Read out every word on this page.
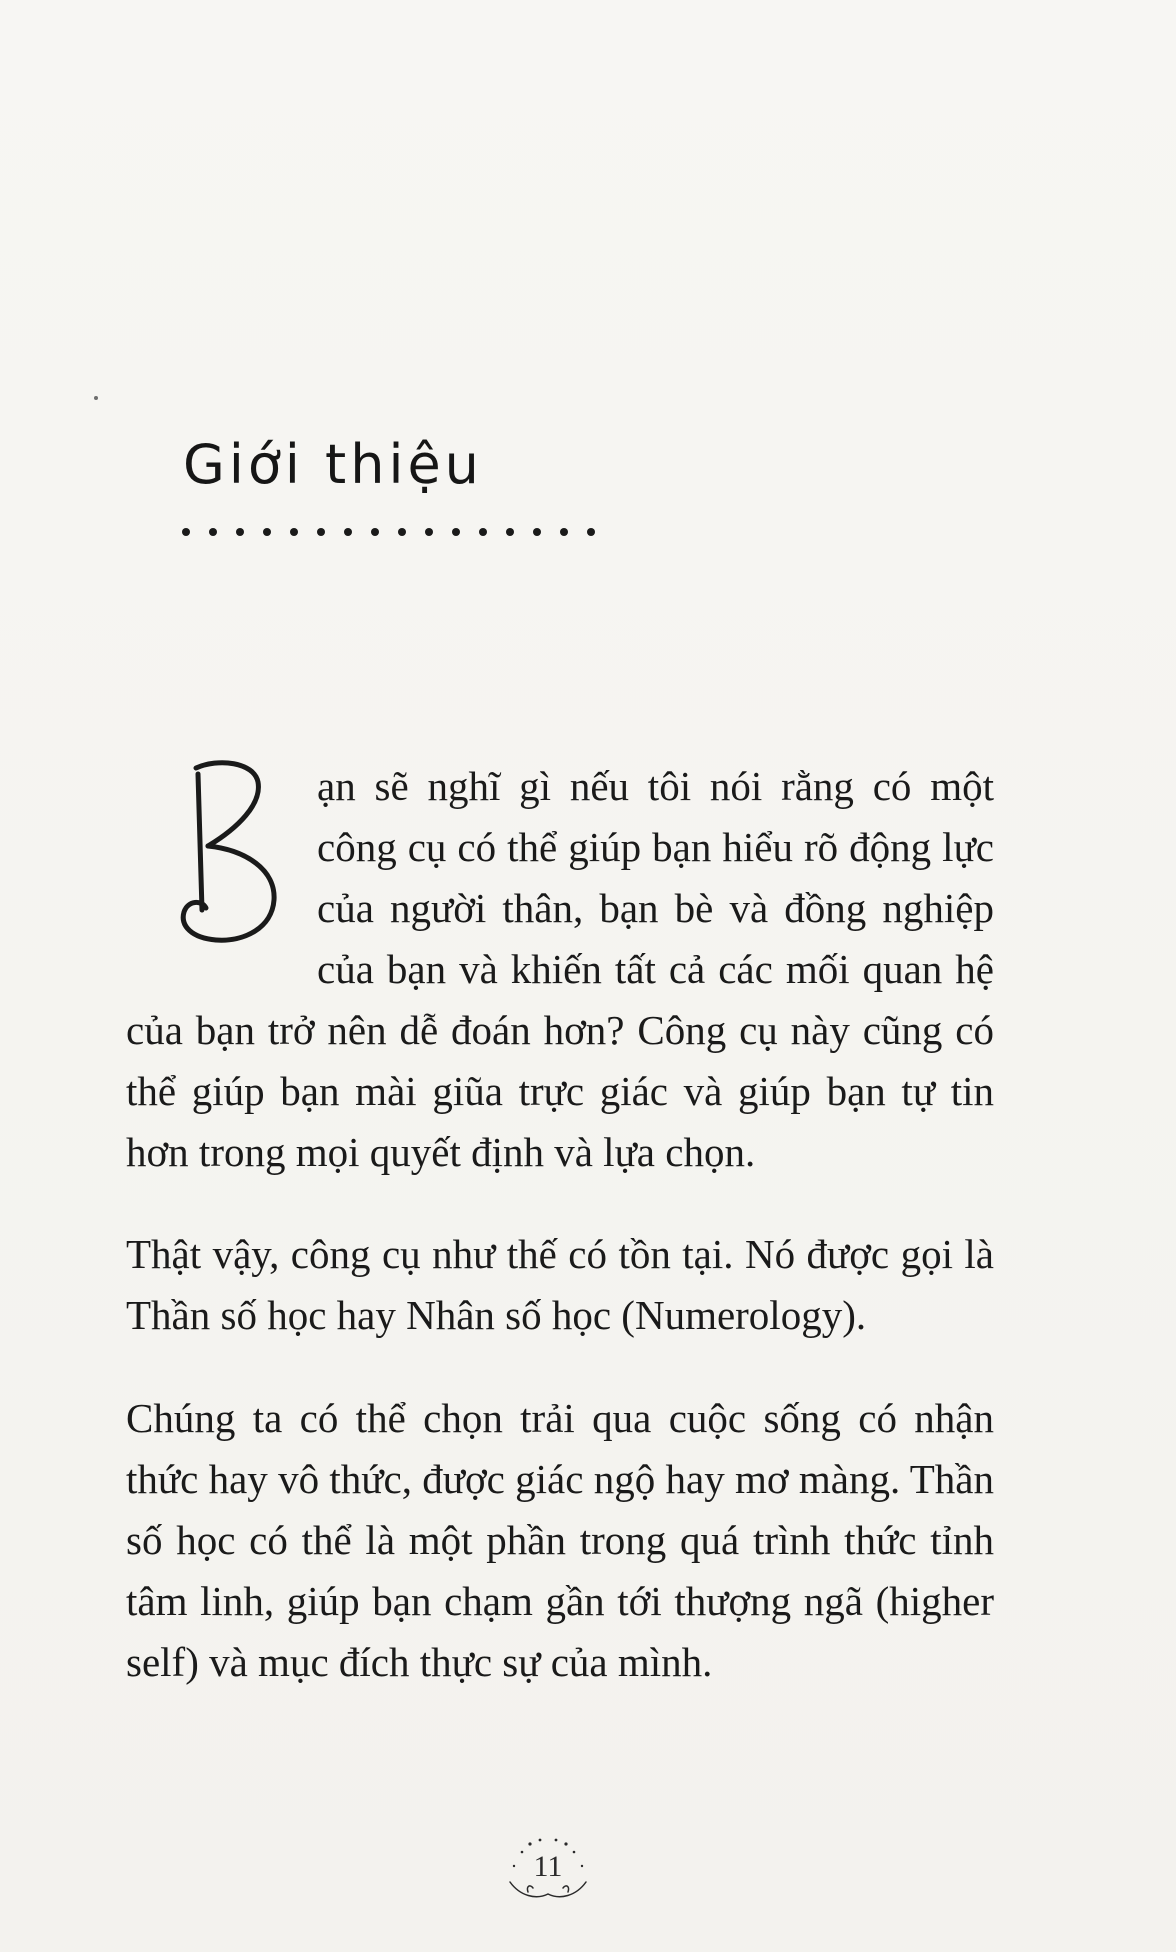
Giới thiệu

ạn sẽ nghĩ gì nếu tôi nói rằng có một công cụ có thể giúp bạn hiểu rõ động lực của người thân, bạn bè và đồng nghiệp của bạn và khiến tất cả các mối quan hệ của bạn trở nên dễ đoán hơn? Công cụ này cũng có thể giúp bạn mài giũa trực giác và giúp bạn tự tin hơn trong mọi quyết định và lựa chọn.

Thật vậy, công cụ như thế có tồn tại. Nó được gọi là Thần số học hay Nhân số học (Numerology).

Chúng ta có thể chọn trải qua cuộc sống có nhận thức hay vô thức, được giác ngộ hay mơ màng. Thần số học có thể là một phần trong quá trình thức tỉnh tâm linh, giúp bạn chạm gần tới thượng ngã (higher self) và mục đích thực sự của mình.

11
